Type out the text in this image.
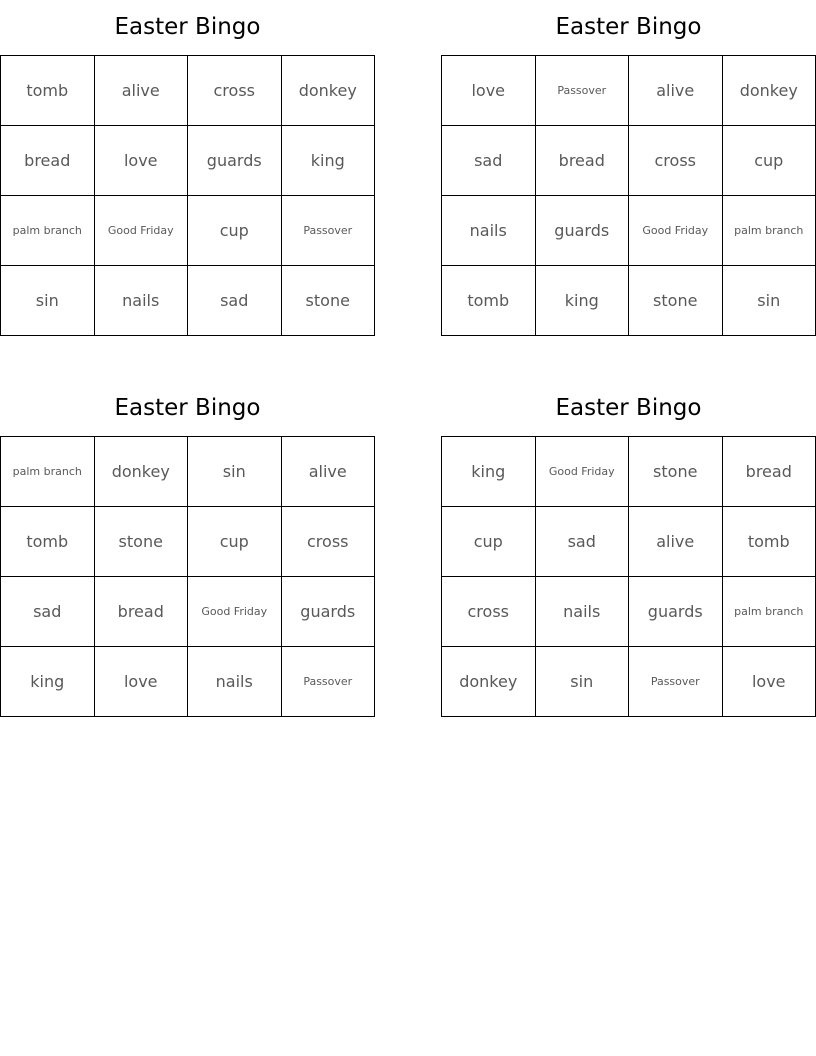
Easter Bingo
tomb	alive	cross	donkey
bread	love	guards	king
palm branch	Good Friday	cup	Passover
sin	nails	sad	stone
Easter Bingo
love	Passover	alive	donkey
sad	bread	cross	cup
nails	guards	Good Friday	palm branch
tomb	king	stone	sin
Easter Bingo
palm branch	donkey	sin	alive
tomb	stone	cup	cross
sad	bread	Good Friday	guards
king	love	nails	Passover
Easter Bingo
king	Good Friday	stone	bread
cup	sad	alive	tomb
cross	nails	guards	palm branch
donkey	sin	Passover	love
